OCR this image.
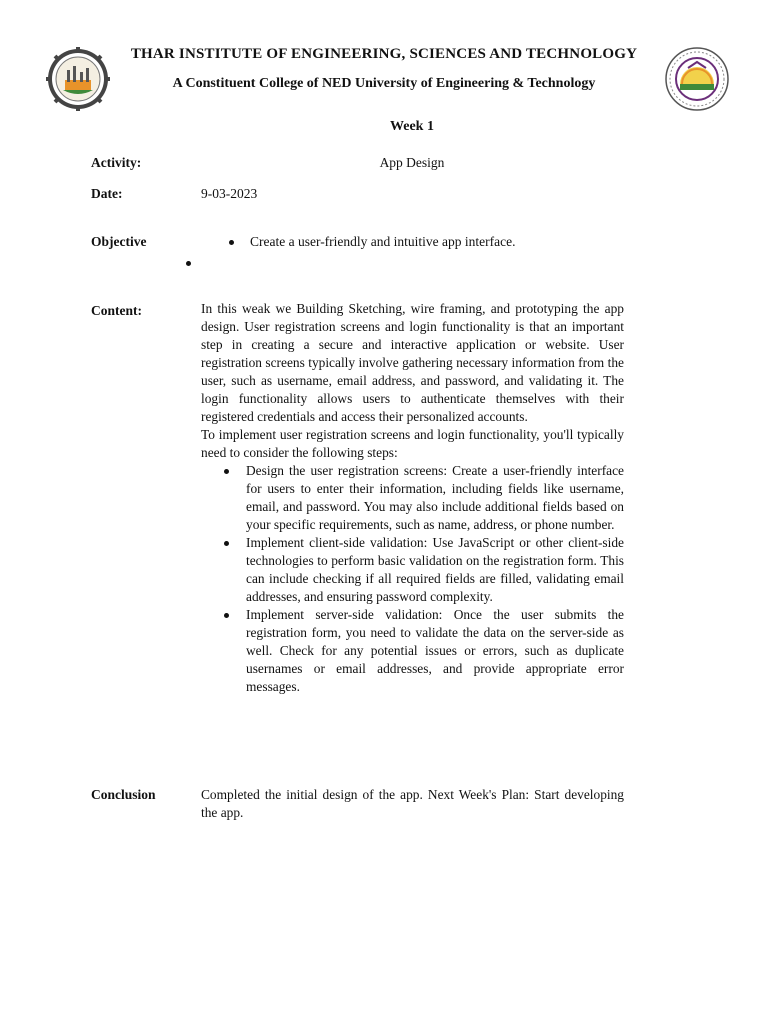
THAR INSTITUTE OF ENGINEERING, SCIENCES AND TECHNOLOGY
A Constituent College of NED University of Engineering & Technology
Week 1
Activity:	App Design
Date:	9-03-2023
Objective	Create a user-friendly and intuitive app interface.
Content:	In this weak we Building Sketching, wire framing, and prototyping the app design. User registration screens and login functionality is that an important step in creating a secure and interactive application or website. User registration screens typically involve gathering necessary information from the user, such as username, email address, and password, and validating it. The login functionality allows users to authenticate themselves with their registered credentials and access their personalized accounts.

To implement user registration screens and login functionality, you'll typically need to consider the following steps:

Design the user registration screens: Create a user-friendly interface for users to enter their information, including fields like username, email, and password. You may also include additional fields based on your specific requirements, such as name, address, or phone number.
Implement client-side validation: Use JavaScript or other client-side technologies to perform basic validation on the registration form. This can include checking if all required fields are filled, validating email addresses, and ensuring password complexity.
Implement server-side validation: Once the user submits the registration form, you need to validate the data on the server-side as well. Check for any potential issues or errors, such as duplicate usernames or email addresses, and provide appropriate error messages.
Conclusion	Completed the initial design of the app. Next Week's Plan: Start developing the app.
